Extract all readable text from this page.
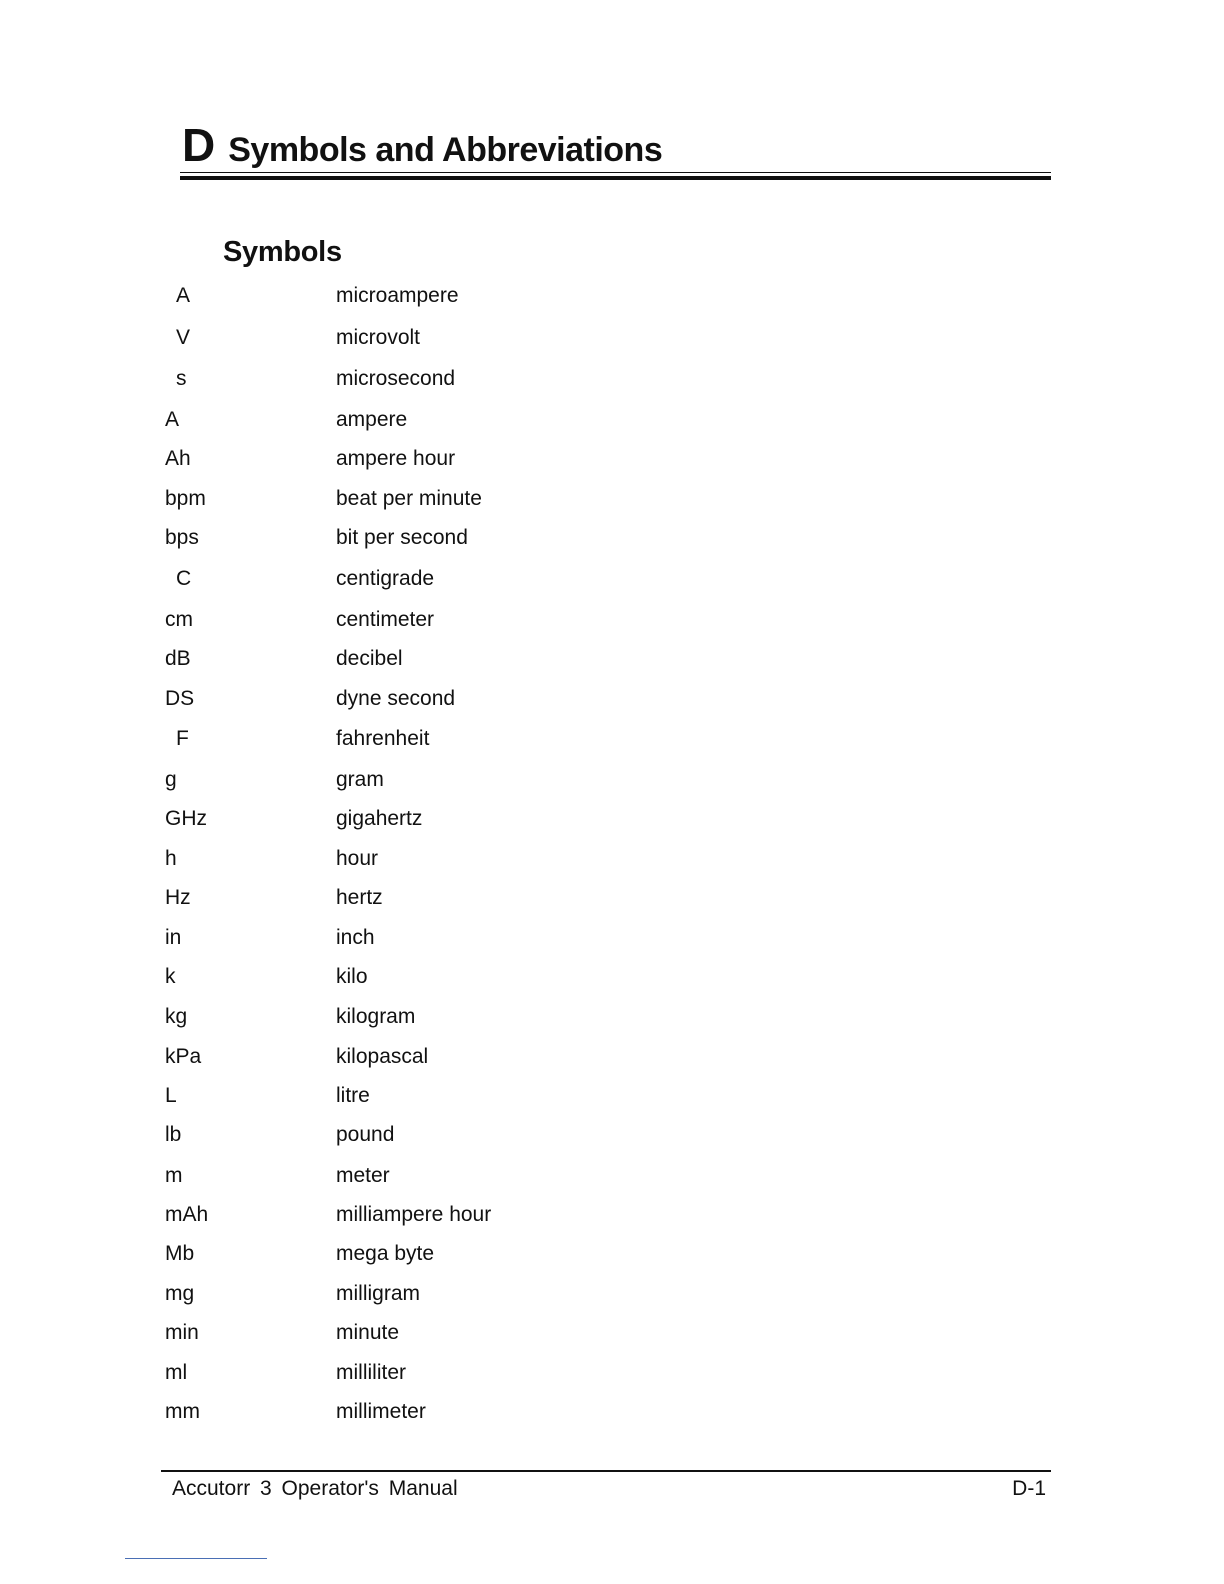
D Symbols and Abbreviations
Symbols
A	microampere
V	microvolt
s	microsecond
A	ampere
Ah	ampere hour
bpm	beat per minute
bps	bit per second
C	centigrade
cm	centimeter
dB	decibel
DS	dyne second
F	fahrenheit
g	gram
GHz	gigahertz
h	hour
Hz	hertz
in	inch
k	kilo
kg	kilogram
kPa	kilopascal
L	litre
lb	pound
m	meter
mAh	milliampere hour
Mb	mega byte
mg	milligram
min	minute
ml	milliliter
mm	millimeter
Accutorr 3 Operator's Manual	D-1
